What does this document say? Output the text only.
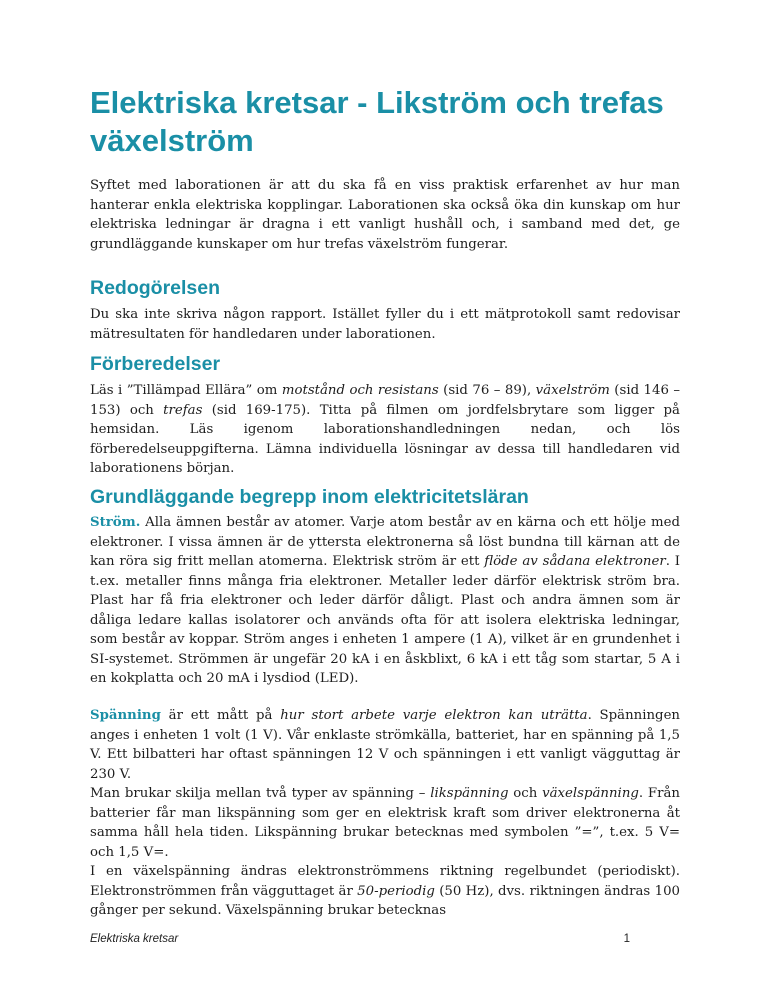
Elektriska kretsar - Likström och trefas växelström

Syftet med laborationen är att du ska få en viss praktisk erfarenhet av hur man hanterar enkla elektriska kopplingar. Laborationen ska också öka din kunskap om hur elektriska ledningar är dragna i ett vanligt hushåll och, i samband med det, ge grundläggande kunskaper om hur trefas växelström fungerar.

Redogörelsen

Du ska inte skriva någon rapport. Istället fyller du i ett mätprotokoll samt redovisar mätresultaten för handledaren under laborationen.

Förberedelser

Läs i ”Tillämpad Ellära” om motstånd och resistans (sid 76 – 89), växelström (sid 146 – 153) och trefas (sid 169-175). Titta på filmen om jordfelsbrytare som ligger på hemsidan. Läs igenom laborationshandledningen nedan, och lös förberedelseuppgifterna. Lämna individuella lösningar av dessa till handledaren vid laborationens början.

Grundläggande begrepp inom elektricitetsläran

Ström. Alla ämnen består av atomer. Varje atom består av en kärna och ett hölje med elektroner. I vissa ämnen är de yttersta elektronerna så löst bundna till kärnan att de kan röra sig fritt mellan atomerna. Elektrisk ström är ett flöde av sådana elektroner. I t.ex. metaller finns många fria elektroner. Metaller leder därför elektrisk ström bra. Plast har få fria elektroner och leder därför dåligt. Plast och andra ämnen som är dåliga ledare kallas isolatorer och används ofta för att isolera elektriska ledningar, som består av koppar. Ström anges i enheten 1 ampere (1 A), vilket är en grundenhet i SI-systemet. Strömmen är ungefär 20 kA i en åskblixt, 6 kA i ett tåg som startar, 5 A i en kokplatta och 20 mA i lysdiod (LED).

Spänning är ett mått på hur stort arbete varje elektron kan uträtta. Spänningen anges i enheten 1 volt (1 V). Vår enklaste strömkälla, batteriet, har en spänning på 1,5 V. Ett bilbatteri har oftast spänningen 12 V och spänningen i ett vanligt vägguttag är 230 V.

Man brukar skilja mellan två typer av spänning – likspänning och växelspänning. Från batterier får man likspänning som ger en elektrisk kraft som driver elektronerna åt samma håll hela tiden. Likspänning brukar betecknas med symbolen ”=”, t.ex. 5 V= och 1,5 V=.

I en växelspänning ändras elektronströmmens riktning regelbundet (periodiskt). Elektronströmmen från vägguttaget är 50-periodig (50 Hz), dvs. riktningen ändras 100 gånger per sekund. Växelspänning brukar betecknas

Elektriska kretsar	1
